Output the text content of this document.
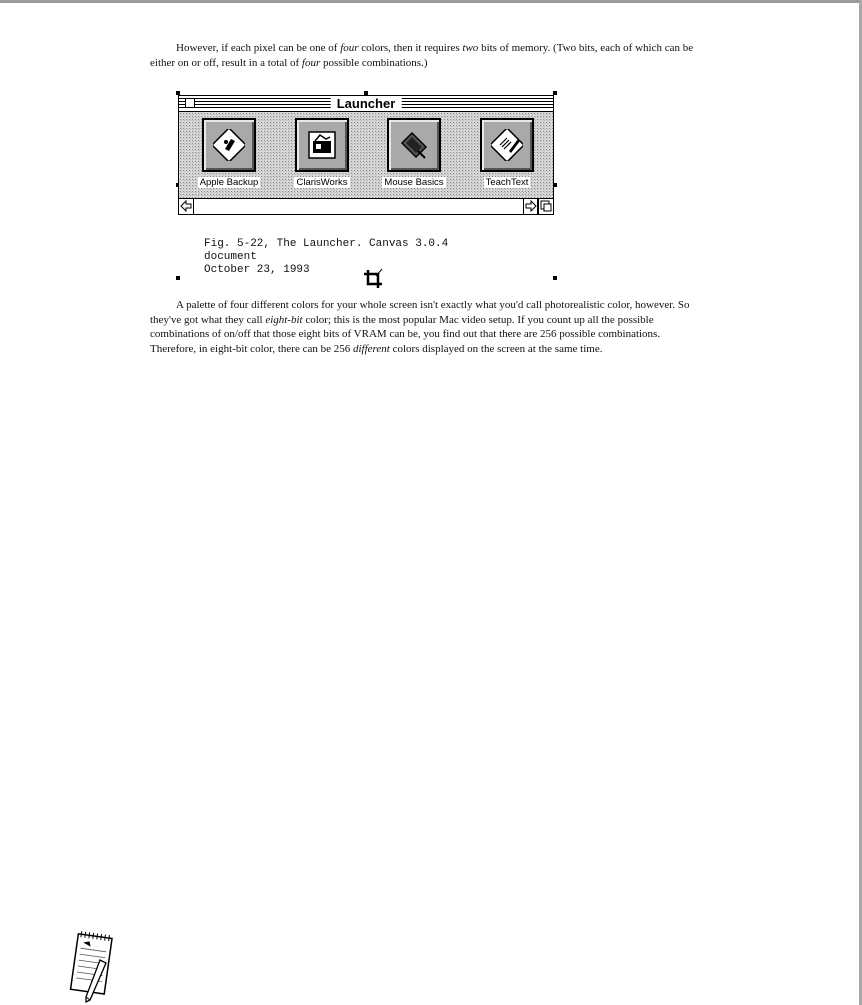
However, if each pixel can be one of four colors, then it requires two bits of memory. (Two bits, each of which can be either on or off, result in a total of four possible combinations.)

Launcher
Apple Backup	ClarisWorks	Mouse Basics	TeachText
Fig. 5-22, The Launcher. Canvas 3.0.4
document
October 23, 1993

A palette of four different colors for your whole screen isn't exactly what you'd call photorealistic color, however. So they've got what they call eight-bit color; this is the most popular Mac video setup. If you count up all the possible combinations of on/off that those eight bits of VRAM can be, you find out that there are 256 possible combinations. Therefore, in eight-bit color, there can be 256 different colors displayed on the screen at the same time.
